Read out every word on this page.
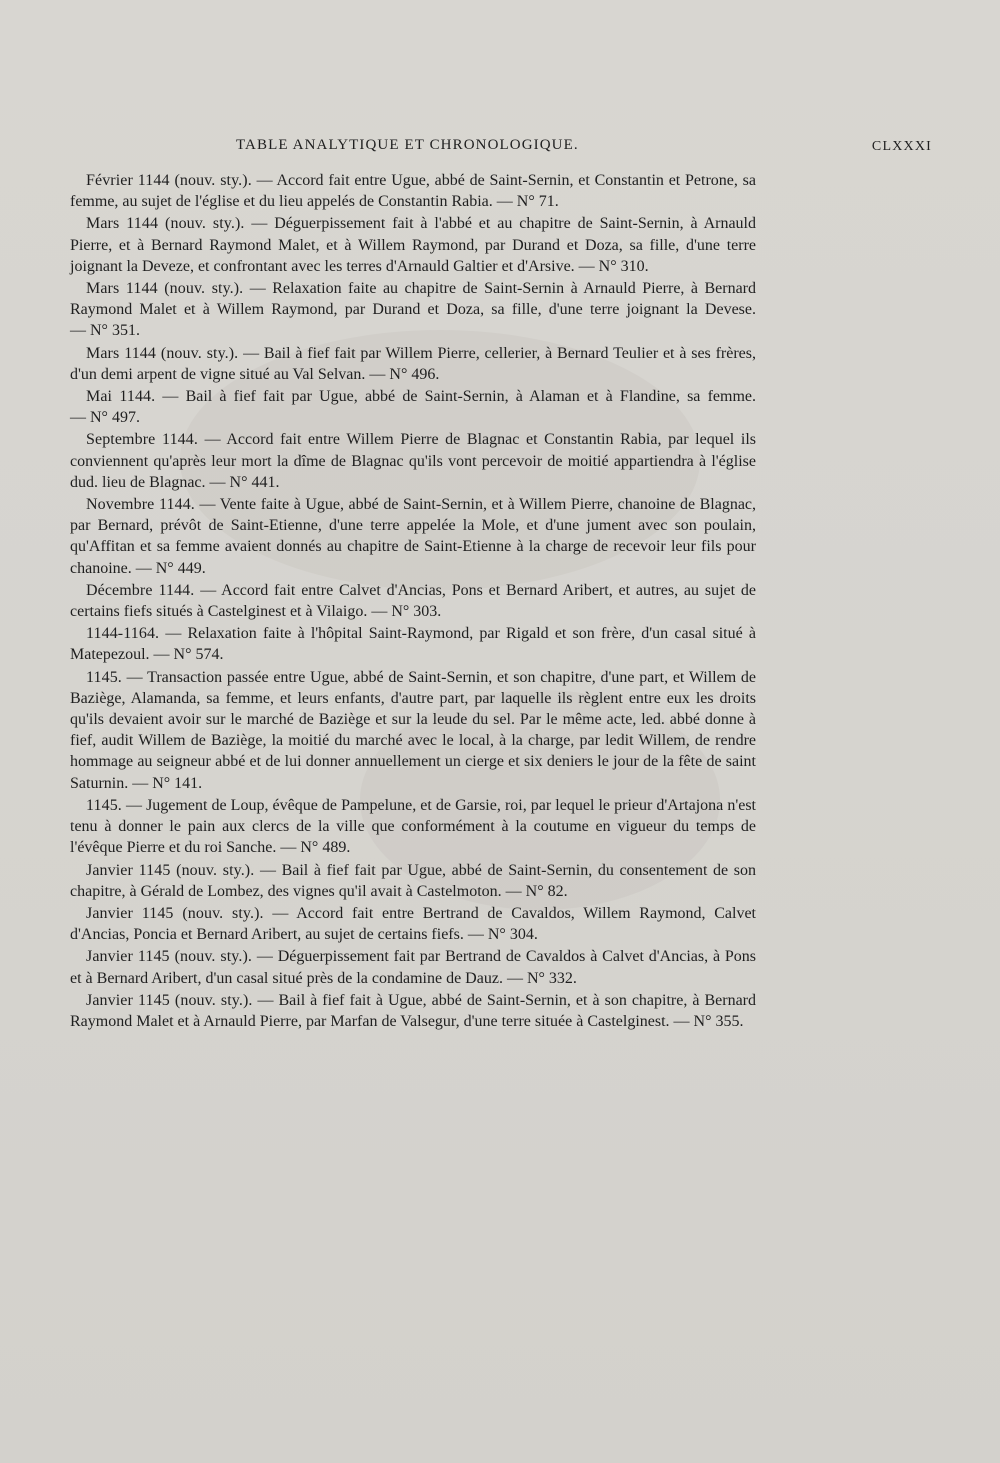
TABLE ANALYTIQUE ET CHRONOLOGIQUE.	CLXXXI

Février 1144 (nouv. sty.). — Accord fait entre Ugue, abbé de Saint-Sernin, et Constantin et Petrone, sa femme, au sujet de l'église et du lieu appelés de Constantin Rabia. — N° 71.

Mars 1144 (nouv. sty.). — Déguerpissement fait à l'abbé et au chapitre de Saint-Sernin, à Arnauld Pierre, et à Bernard Raymond Malet, et à Willem Raymond, par Durand et Doza, sa fille, d'une terre joignant la Deveze, et confrontant avec les terres d'Arnauld Galtier et d'Arsive. — N° 310.

Mars 1144 (nouv. sty.). — Relaxation faite au chapitre de Saint-Sernin à Arnauld Pierre, à Bernard Raymond Malet et à Willem Raymond, par Durand et Doza, sa fille, d'une terre joignant la Devese. — N° 351.

Mars 1144 (nouv. sty.). — Bail à fief fait par Willem Pierre, cellerier, à Bernard Teulier et à ses frères, d'un demi arpent de vigne situé au Val Selvan. — N° 496.

Mai 1144. — Bail à fief fait par Ugue, abbé de Saint-Sernin, à Alaman et à Flandine, sa femme. — N° 497.

Septembre 1144. — Accord fait entre Willem Pierre de Blagnac et Constantin Rabia, par lequel ils conviennent qu'après leur mort la dîme de Blagnac qu'ils vont percevoir de moitié appartiendra à l'église dud. lieu de Blagnac. — N° 441.

Novembre 1144. — Vente faite à Ugue, abbé de Saint-Sernin, et à Willem Pierre, chanoine de Blagnac, par Bernard, prévôt de Saint-Etienne, d'une terre appelée la Mole, et d'une jument avec son poulain, qu'Affitan et sa femme avaient donnés au chapitre de Saint-Etienne à la charge de recevoir leur fils pour chanoine. — N° 449.

Décembre 1144. — Accord fait entre Calvet d'Ancias, Pons et Bernard Aribert, et autres, au sujet de certains fiefs situés à Castelginest et à Vilaigo. — N° 303.

1144-1164. — Relaxation faite à l'hôpital Saint-Raymond, par Rigald et son frère, d'un casal situé à Matepezoul. — N° 574.

1145. — Transaction passée entre Ugue, abbé de Saint-Sernin, et son chapitre, d'une part, et Willem de Baziège, Alamanda, sa femme, et leurs enfants, d'autre part, par laquelle ils règlent entre eux les droits qu'ils devaient avoir sur le marché de Baziège et sur la leude du sel. Par le même acte, led. abbé donne à fief, audit Willem de Baziège, la moitié du marché avec le local, à la charge, par ledit Willem, de rendre hommage au seigneur abbé et de lui donner annuellement un cierge et six deniers le jour de la fête de saint Saturnin. — N° 141.

1145. — Jugement de Loup, évêque de Pampelune, et de Garsie, roi, par lequel le prieur d'Artajona n'est tenu à donner le pain aux clercs de la ville que conformément à la coutume en vigueur du temps de l'évêque Pierre et du roi Sanche. — N° 489.

Janvier 1145 (nouv. sty.). — Bail à fief fait par Ugue, abbé de Saint-Sernin, du consentement de son chapitre, à Gérald de Lombez, des vignes qu'il avait à Castelmoton. — N° 82.

Janvier 1145 (nouv. sty.). — Accord fait entre Bertrand de Cavaldos, Willem Raymond, Calvet d'Ancias, Poncia et Bernard Aribert, au sujet de certains fiefs. — N° 304.

Janvier 1145 (nouv. sty.). — Déguerpissement fait par Bertrand de Cavaldos à Calvet d'Ancias, à Pons et à Bernard Aribert, d'un casal situé près de la condamine de Dauz. — N° 332.

Janvier 1145 (nouv. sty.). — Bail à fief fait à Ugue, abbé de Saint-Sernin, et à son chapitre, à Bernard Raymond Malet et à Arnauld Pierre, par Marfan de Valsegur, d'une terre située à Castelginest. — N° 355.
